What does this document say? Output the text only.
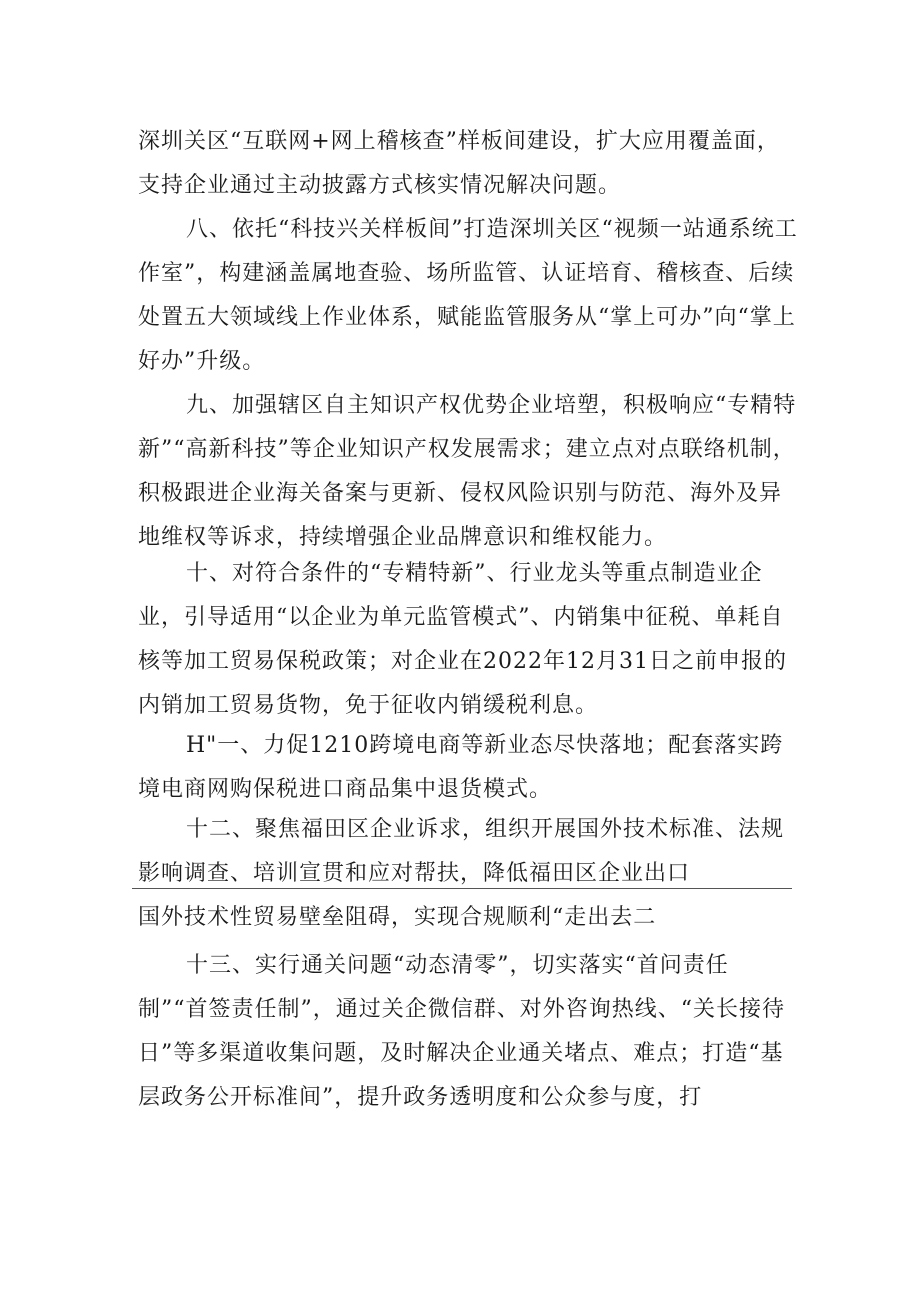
深圳关区“互联网+网上稽核查”样板间建设，扩大应用覆盖面，支持企业通过主动披露方式核实情况解决问题。

八、依托“科技兴关样板间”打造深圳关区“视频一站通系统工作室”，构建涵盖属地查验、场所监管、认证培育、稽核查、后续处置五大领域线上作业体系，赋能监管服务从“掌上可办”向“掌上好办”升级。

九、加强辖区自主知识产权优势企业培塑，积极响应“专精特新”“高新科技”等企业知识产权发展需求；建立点对点联络机制，积极跟进企业海关备案与更新、侵权风险识别与防范、海外及异地维权等诉求，持续增强企业品牌意识和维权能力。

十、对符合条件的“专精特新”、行业龙头等重点制造业企业，引导适用“以企业为单元监管模式”、内销集中征税、单耗自核等加工贸易保税政策；对企业在2022年12月31日之前申报的内销加工贸易货物，免于征收内销缓税利息。

H"一、力促1210跨境电商等新业态尽快落地；配套落实跨境电商网购保税进口商品集中退货模式。

十二、聚焦福田区企业诉求，组织开展国外技术标准、法规影响调查、培训宣贯和应对帮扶，降低福田区企业出口

国外技术性贸易壁垒阻碍，实现合规顺利“走出去二

十三、实行通关问题“动态清零”，切实落实“首问责任制”“首签责任制”，通过关企微信群、对外咨询热线、“关长接待日”等多渠道收集问题，及时解决企业通关堵点、难点；打造“基层政务公开标准间”，提升政务透明度和公众参与度，打
